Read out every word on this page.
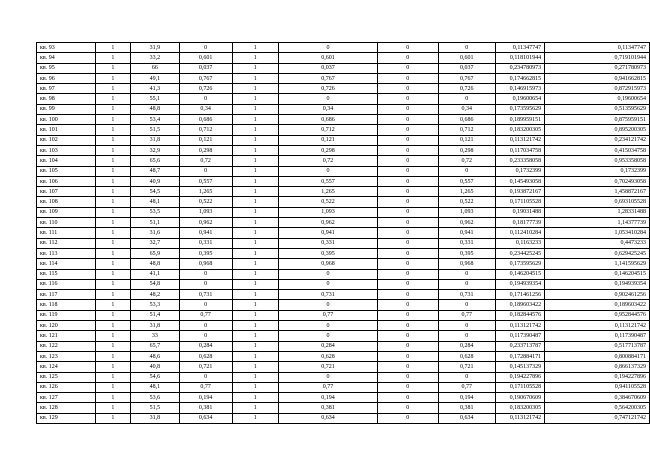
кв. 93	1	31,9	0	1	0	0	0	0,11347747	0,11347747
кв. 94	1	33,2	0,601	1	0,601	0	0,601	0,118101944	0,719101944
кв. 95	1	66	0,037	1	0,037	0	0,037	0,234780973	0,271780973
кв. 96	1	49,1	0,767	1	0,767	0	0,767	0,174662815	0,941662815
кв. 97	1	41,3	0,726	1	0,726	0	0,726	0,146915973	0,872915973
кв. 98	1	55,1	0	1	0	0	0	0,19600654	0,19600654
кв. 99	1	48,8	0,34	1	0,34	0	0,34	0,173595629	0,513595629
кв. 100	1	53,4	0,686	1	0,686	0	0,686	0,189959151	0,875959151
кв. 101	1	51,5	0,712	1	0,712	0	0,712	0,183200305	0,895200305
кв. 102	1	31,8	0,121	1	0,121	0	0,121	0,113121742	0,234121742
кв. 103	1	32,9	0,298	1	0,298	0	0,298	0,117034758	0,415034758
кв. 104	1	65,6	0,72	1	0,72	0	0,72	0,233358058	0,953358058
кв. 105	1	48,7	0	1	0	0	0	0,1732399	0,1732399
кв. 106	1	40,9	0,557	1	0,557	0	0,557	0,145493058	0,702493058
кв. 107	1	54,5	1,265	1	1,265	0	1,265	0,193872167	1,458872167
кв. 108	1	48,1	0,522	1	0,522	0	0,522	0,171105528	0,693105528
кв. 109	1	53,5	1,093	1	1,093	0	1,093	0,19031488	1,28331488
кв. 110	1	51,1	0,962	1	0,962	0	0,962	0,18177739	1,14377739
кв. 111	1	31,6	0,941	1	0,941	0	0,941	0,112410284	1,053410284
кв. 112	1	32,7	0,331	1	0,331	0	0,331	0,1163233	0,4473233
кв. 113	1	65,9	0,395	1	0,395	0	0,395	0,234425245	0,629425245
кв. 114	1	48,8	0,968	1	0,968	0	0,968	0,173595629	1,141595629
кв. 115	1	41,1	0	1	0	0	0	0,146204515	0,146204515
кв. 116	1	54,8	0	1	0	0	0	0,194939354	0,194939354
кв. 117	1	48,2	0,731	1	0,731	0	0,731	0,171461256	0,902461256
кв. 118	1	53,3	0	1	0	0	0	0,189603422	0,189603422
кв. 119	1	51,4	0,77	1	0,77	0	0,77	0,182844576	0,952844576
кв. 120	1	31,8	0	1	0	0	0	0,113121742	0,113121742
кв. 121	1	33	0	1	0	0	0	0,117390487	0,117390487
кв. 122	1	65,7	0,284	1	0,284	0	0,284	0,233713787	0,517713787
кв. 123	1	48,6	0,628	1	0,628	0	0,628	0,172884171	0,800884171
кв. 124	1	40,8	0,721	1	0,721	0	0,721	0,145137329	0,866137329
кв. 125	1	54,6	0	1	0	0	0	0,194227896	0,194227896
кв. 126	1	48,1	0,77	1	0,77	0	0,77	0,171105528	0,941105528
кв. 127	1	53,6	0,194	1	0,194	0	0,194	0,190670609	0,384670609
кв. 128	1	51,5	0,381	1	0,381	0	0,381	0,183200305	0,564200305
кв. 129	1	31,8	0,634	1	0,634	0	0,634	0,113121742	0,747121742
